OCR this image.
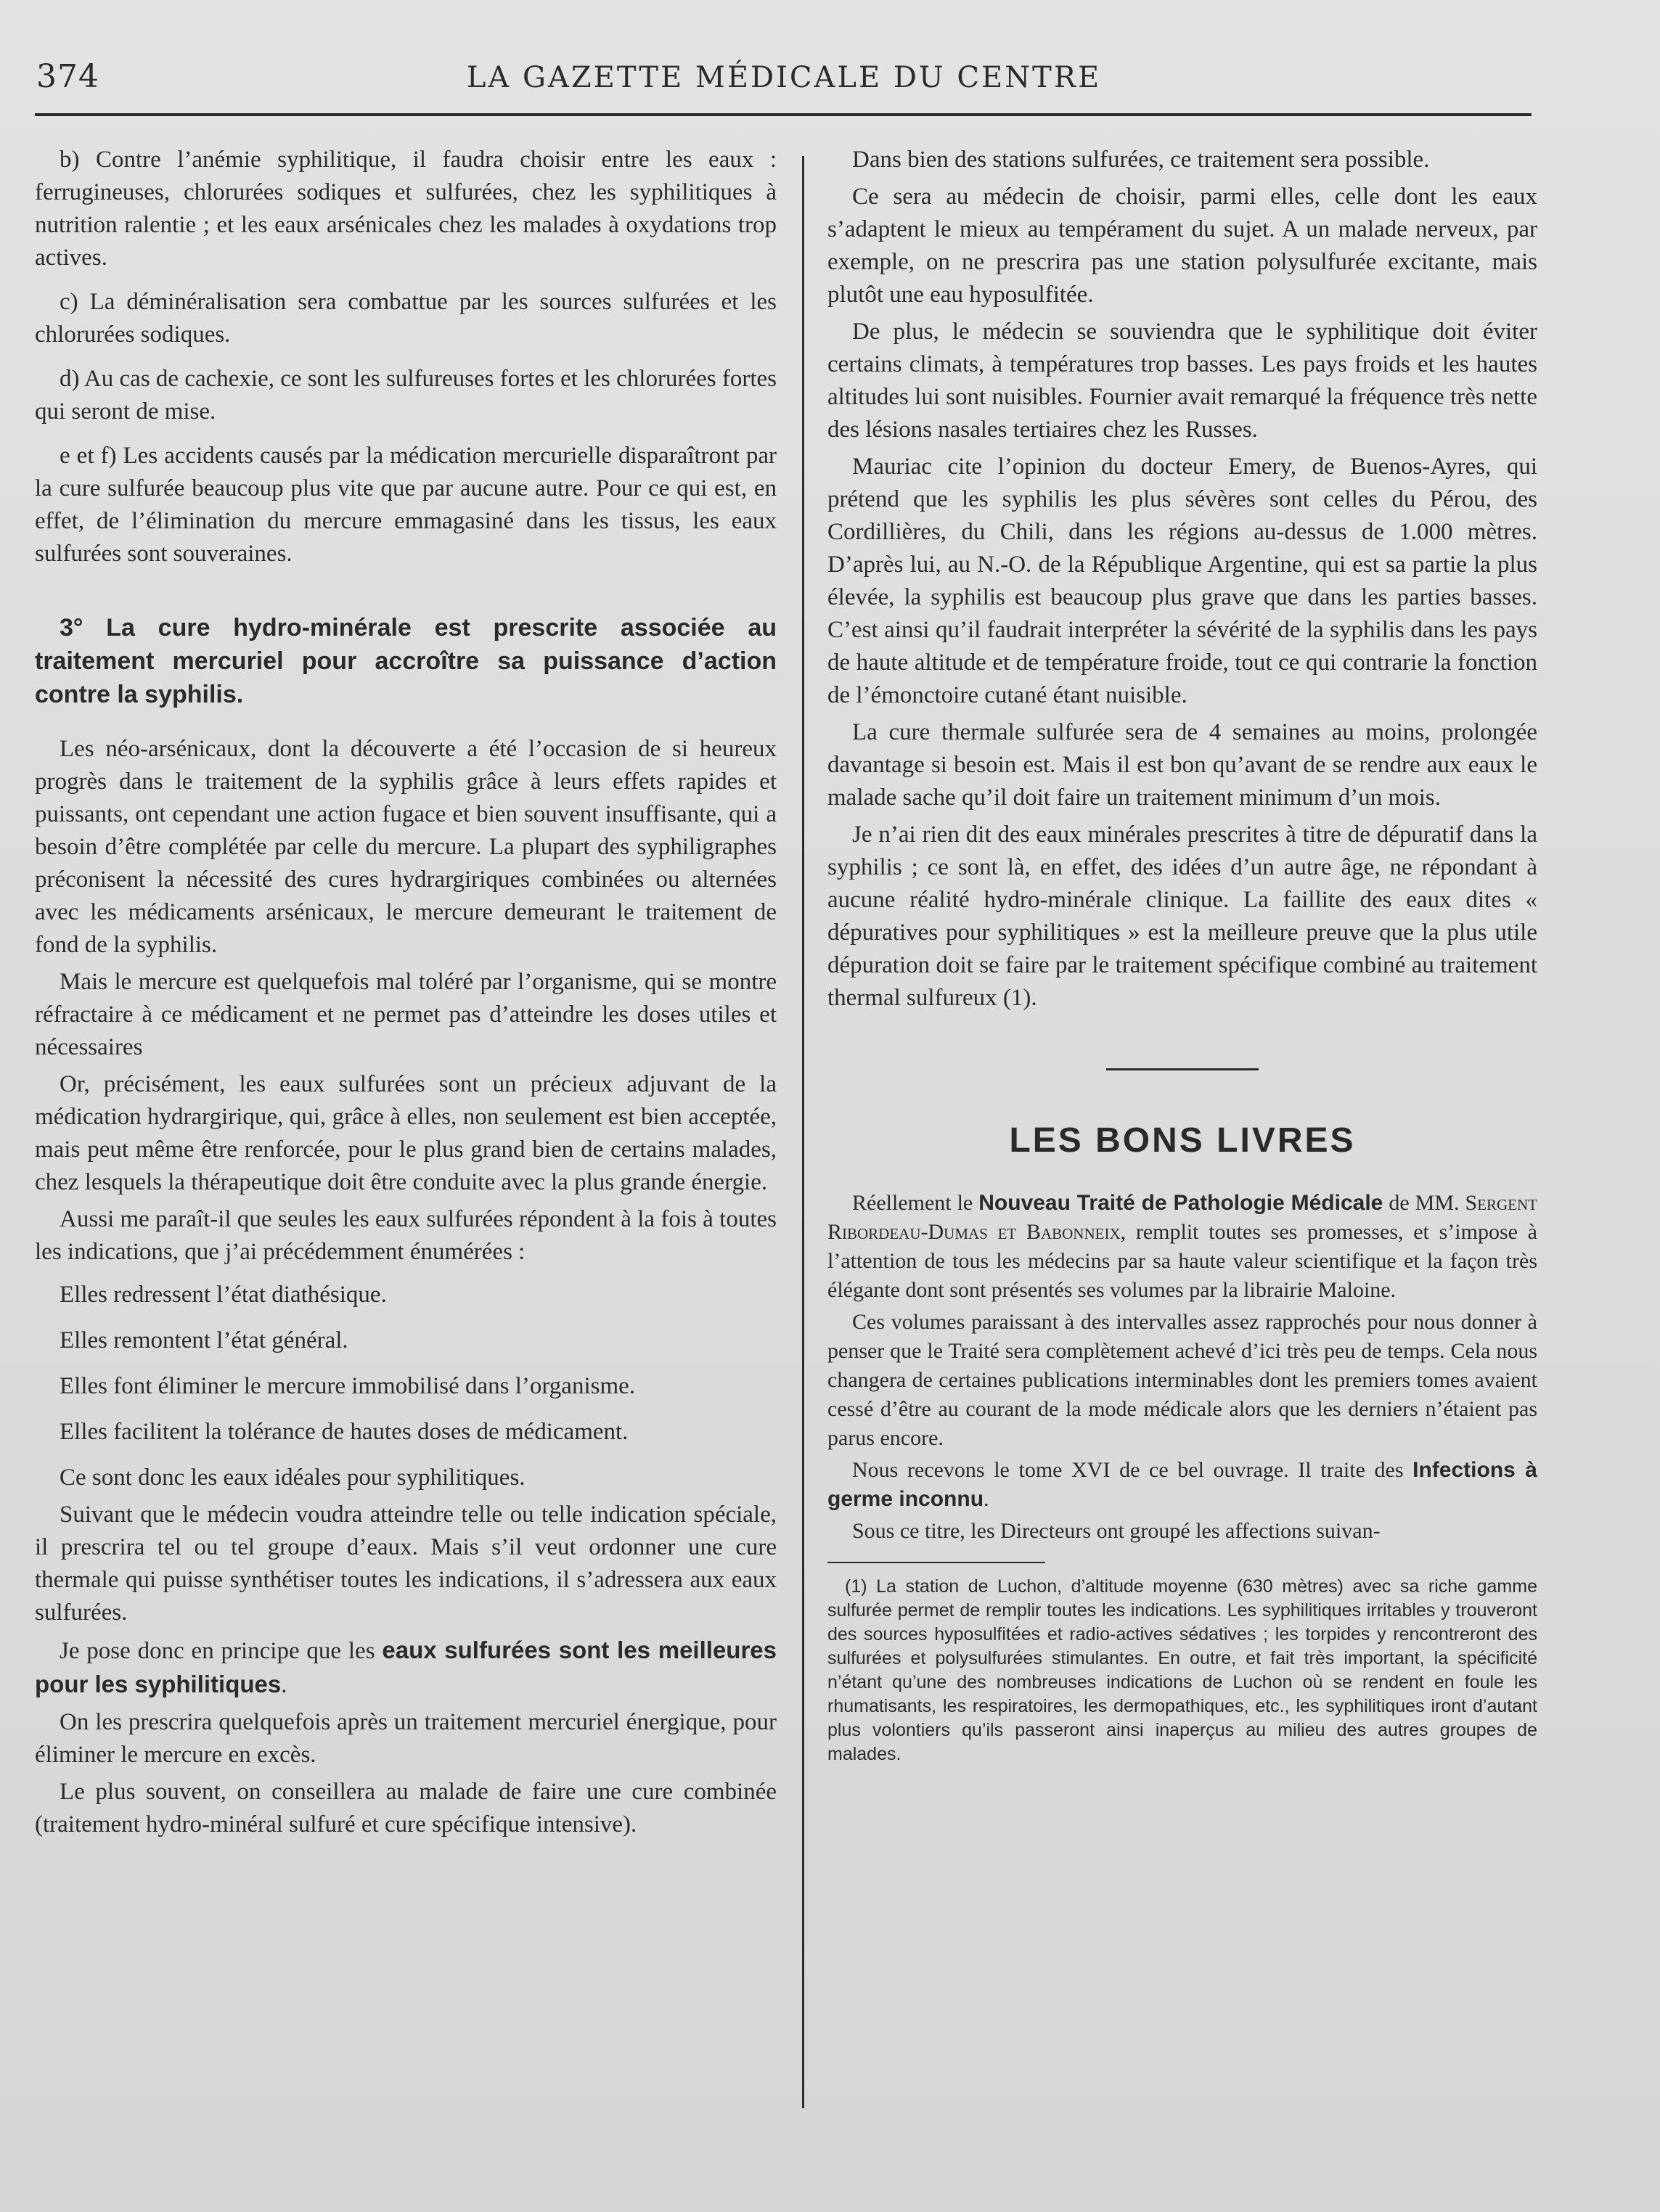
374	LA GAZETTE MÉDICALE DU CENTRE

b) Contre l’anémie syphilitique, il faudra choisir entre les eaux : ferrugineuses, chlorurées sodiques et sulfurées, chez les syphilitiques à nutrition ralentie ; et les eaux arsénicales chez les malades à oxydations trop actives.

c) La déminéralisation sera combattue par les sources sulfurées et les chlorurées sodiques.

d) Au cas de cachexie, ce sont les sulfureuses fortes et les chlorurées fortes qui seront de mise.

e et f) Les accidents causés par la médication mercurielle disparaîtront par la cure sulfurée beaucoup plus vite que par aucune autre. Pour ce qui est, en effet, de l’élimination du mercure emmagasiné dans les tissus, les eaux sulfurées sont souveraines.

3° La cure hydro-minérale est prescrite associée au traitement mercuriel pour accroître sa puissance d’action contre la syphilis.

Les néo-arsénicaux, dont la découverte a été l’occasion de si heureux progrès dans le traitement de la syphilis grâce à leurs effets rapides et puissants, ont cependant une action fugace et bien souvent insuffisante, qui a besoin d’être complétée par celle du mercure. La plupart des syphiligraphes préconisent la nécessité des cures hydrargiriques combinées ou alternées avec les médicaments arsénicaux, le mercure demeurant le traitement de fond de la syphilis.

Mais le mercure est quelquefois mal toléré par l’organisme, qui se montre réfractaire à ce médicament et ne permet pas d’atteindre les doses utiles et nécessaires

Or, précisément, les eaux sulfurées sont un précieux adjuvant de la médication hydrargirique, qui, grâce à elles, non seulement est bien acceptée, mais peut même être renforcée, pour le plus grand bien de certains malades, chez lesquels la thérapeutique doit être conduite avec la plus grande énergie.

Aussi me paraît-il que seules les eaux sulfurées répondent à la fois à toutes les indications, que j’ai précédemment énumérées :

Elles redressent l’état diathésique.

Elles remontent l’état général.

Elles font éliminer le mercure immobilisé dans l’organisme.

Elles facilitent la tolérance de hautes doses de médicament.

Ce sont donc les eaux idéales pour syphilitiques.

Suivant que le médecin voudra atteindre telle ou telle indication spéciale, il prescrira tel ou tel groupe d’eaux. Mais s’il veut ordonner une cure thermale qui puisse synthétiser toutes les indications, il s’adressera aux eaux sulfurées.

Je pose donc en principe que les eaux sulfurées sont les meilleures pour les syphilitiques.

On les prescrira quelquefois après un traitement mercuriel énergique, pour éliminer le mercure en excès.

Le plus souvent, on conseillera au malade de faire une cure combinée (traitement hydro-minéral sulfuré et cure spécifique intensive).

Dans bien des stations sulfurées, ce traitement sera possible.

Ce sera au médecin de choisir, parmi elles, celle dont les eaux s’adaptent le mieux au tempérament du sujet. A un malade nerveux, par exemple, on ne prescrira pas une station polysulfurée excitante, mais plutôt une eau hyposulfitée.

De plus, le médecin se souviendra que le syphilitique doit éviter certains climats, à températures trop basses. Les pays froids et les hautes altitudes lui sont nuisibles. Fournier avait remarqué la fréquence très nette des lésions nasales tertiaires chez les Russes.

Mauriac cite l’opinion du docteur Emery, de Buenos-Ayres, qui prétend que les syphilis les plus sévères sont celles du Pérou, des Cordillières, du Chili, dans les régions au-dessus de 1.000 mètres. D’après lui, au N.-O. de la République Argentine, qui est sa partie la plus élevée, la syphilis est beaucoup plus grave que dans les parties basses. C’est ainsi qu’il faudrait interpréter la sévérité de la syphilis dans les pays de haute altitude et de température froide, tout ce qui contrarie la fonction de l’émonctoire cutané étant nuisible.

La cure thermale sulfurée sera de 4 semaines au moins, prolongée davantage si besoin est. Mais il est bon qu’avant de se rendre aux eaux le malade sache qu’il doit faire un traitement minimum d’un mois.

Je n’ai rien dit des eaux minérales prescrites à titre de dépuratif dans la syphilis ; ce sont là, en effet, des idées d’un autre âge, ne répondant à aucune réalité hydro-minérale clinique. La faillite des eaux dites « dépuratives pour syphilitiques » est la meilleure preuve que la plus utile dépuration doit se faire par le traitement spécifique combiné au traitement thermal sulfureux (1).

LES BONS LIVRES

Réellement le Nouveau Traité de Pathologie Médicale de MM. Sergent Ribordeau-Dumas et Babonneix, remplit toutes ses promesses, et s’impose à l’attention de tous les médecins par sa haute valeur scientifique et la façon très élégante dont sont présentés ses volumes par la librairie Maloine.

Ces volumes paraissant à des intervalles assez rapprochés pour nous donner à penser que le Traité sera complètement achevé d’ici très peu de temps. Cela nous changera de certaines publications interminables dont les premiers tomes avaient cessé d’être au courant de la mode médicale alors que les derniers n’étaient pas parus encore.

Nous recevons le tome XVI de ce bel ouvrage. Il traite des Infections à germe inconnu.

Sous ce titre, les Directeurs ont groupé les affections suivan-

(1) La station de Luchon, d’altitude moyenne (630 mètres) avec sa riche gamme sulfurée permet de remplir toutes les indications. Les syphilitiques irritables y trouveront des sources hyposulfitées et radio-actives sédatives ; les torpides y rencontreront des sulfurées et polysulfurées stimulantes. En outre, et fait très important, la spécificité n’étant qu’une des nombreuses indications de Luchon où se rendent en foule les rhumatisants, les respiratoires, les dermopathiques, etc., les syphilitiques iront d’autant plus volontiers qu’ils passeront ainsi inaperçus au milieu des autres groupes de malades.
